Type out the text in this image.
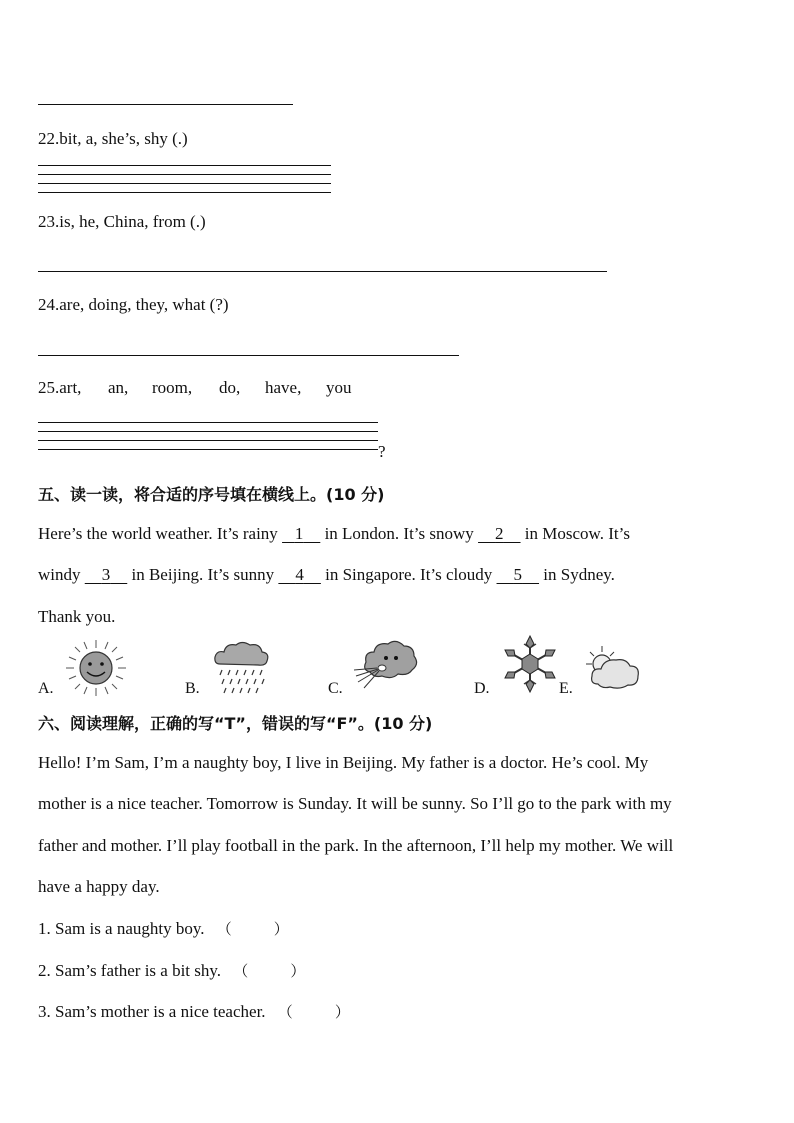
22.bit, a, she’s, shy (.)
23.is, he, China, from (.)
24.are, doing, they, what (?)
25.art, an, room, do, have, you
?
五、读一读，将合适的序号填在横线上。(10 分)
Here’s the world weather. It’s rainy    1     in London. It’s snowy     2     in Moscow. It’s
windy     3     in Beijing. It’s sunny     4     in Singapore. It’s cloudy     5     in Sydney.
Thank you.
A.	B.	C.	D.	E.
六、阅读理解，正确的写“T”，错误的写“F”。(10 分)
Hello! I’m Sam, I’m a naughty boy, I live in Beijing. My father is a doctor. He’s cool. My
mother is a nice teacher. Tomorrow is Sunday. It will be sunny. So I’ll go to the park with my
father and mother. I’ll play football in the park. In the afternoon, I’ll help my mother. We will
have a happy day.
1. Sam is a naughty boy. （	）
2. Sam’s father is a bit shy. （	）
3. Sam’s mother is a nice teacher. （	）
